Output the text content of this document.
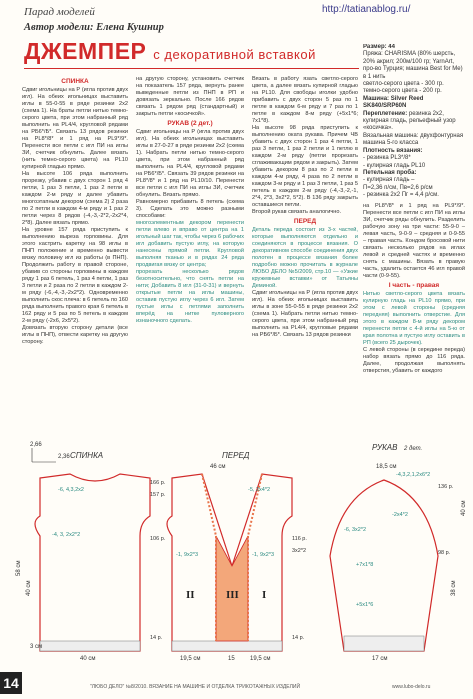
Парад моделей	http://tatianablog.ru/
Автор модели: Елена Кушнир
ДЖЕМПЕР с декоративной вставкой
СПИНКА
Сдвиг игольницы на Р (игла против двух игл). На обеих игольницах выставить иглы в 55-0-55 в ряде резинки 2х2 (схема 1). На браты петли нитью темно-серого цвета, при этом набранный ряд выполнить на РL4/4, кругловой рядами на РБ6*/Б*. Связать 13 рядов резинки на РL8*/8* и 1 ряд на РL9*/9*. Перенести все петли с игл ПИ на иглы ЗИ, счетчик обнулить. Далее вязать (нить темно-серого цвета) на РL10 купирной гладью прямо.
На высоте 106 ряда выполнить прорезку, убавив с двух сторон 1 ряд 4 петли, 1 раз 3 петли, 1 раз 2 петли в каждом 2-м ряду и далее убавить многоэтапным декором (схема 2) 2 раза по 2 петли в каждом 4-м ряду и 1 раз 2 петли через 8 рядов (-4,-3,-2*2,-2х2*4, 2*8). Далее вязать прямо.
На уровне 157 ряда приступить к выполнению выреза горловины. Для этого кастрить каретку на 98 иглы в ПНП положение и временно вывести вязку половину игл из работы (в ПНП). Продолжить работу в правой стороне, убавив со стороны горловины в каждом ряду 1 раз 6 петель, 1 раз 4 петли, 1 раз 3 петли и 2 раза по 2 петли в каждом 2-м ряду (-6,-4,-3,-2х2*2). Одновременно выполнить скос плеча: в 6 петель по 160 ряда выполнить правого края 6 петель в 162 ряду и 5 раз по 5 петель в каждом 2-м ряду (-2х6, 2х5*2).
Довязать вторую сторону детали (все иглы в ПНП), отвести каретку на другую сторону.
на другую сторону, установить счетчик на показатель 157 ряда, вернуть ранее выведенные петли из ПНП в РП и довязать зеркально. После 166 рядов связать 1 рядом ряд (стандартный) и закрыть петли «косичкой».
РУКАВ (2 дет.)
Сдвиг игольницы на Р (игла против двух игл). На обеих игольницах выставить иглы в 27-0-27 в ряде резинки 2х2 (схема 1). Набрать петли нитью темно-серого цвета, при этом набранный ряд выполнить на РL4/4, кругловой рядами на РБ6*/Б*. Связать 39 рядов резинки на РL8*/8* и 1 ряд на РL10/10. Перенести все петли с игл ПИ на иглы ЗИ, счетчик обнулить. Вязать прямо.
Равномерно прибавить 8 петель (схема 3). Сделать это можно разными способами:
многоэлементным декором перенести петли влево и вправо от центра на 1 игольный шаг так, чтобы через 6 рабочих игл добавить пустую иглу, на которую нанесены прямой петли. Кругловой выполняя тканью и в рядах 24 ряда продвигая вязку от центра;
прорезать несколько рядов безотносительно, что снять петли на нити; Добавить 8 игл (31-0-31) и вернуть открытые петли на иглы машины, оставив пустую иглу через 6 игл. Затем пустые иглы с петлями заполнить вперёд на нитке пуловерного изнаночного сделать.
Вязать в работу язать светло-серого цвета, а далее вязать купирной гладью на РL10. Для свободы иголки удобно прибавить с двух сторон 5 раз по 1 петле в каждом 6-м ряду и 7 раз по 1 петле в каждом 8-м ряду (+5х1*6; 7х1*8).
На высоте 98 ряда приступить к выполнению оката рукава. Причем ЧВ убавить с двух сторон 1 раз 4 петли, 1 раз 3 петли, 1 раз 2 петли и 1 петлю в каждом 2-м ряду (петли прорезать сглаживающим рядом и закрыть). Затем убавить декором 8 раз по 2 петли в каждом 4-м ряду, 4 раза по 2 петли в каждом 3-м ряду и 1 раз 3 петли, 1 раз 5 петель в каждом 2-м ряду (-4,-3,-2,-1, 2*4, 2*3, 3х2*2, 5*2). В 136 ряду закрыть оставшиеся петли.
Второй рукав связать аналогично.
ПЕРЕД
Деталь переда состоит из 3-х частей, которые выполняются отдельно и соединяются в процессе вязания. О декоративном способе соединения двух полотен в процессе вязания более подробно можно прочитать в журнале ЛЮБО ДЕЛО №5/2009, стр.10 — «Узкие кружевные вставки» от Татьяны Деминой.
Сдвиг игольницы на Р (игла против двух игл). На обеих игольницах выставить иглы в зоне 55-0-55 в ряде резинки 2х2 (схема 1). Набрать петли нитью темно-серого цвета, при этом набранный ряд выполнить на РL4/4, кругловые рядами на РБ6*/Б*. Связать 13 рядов резинки
Размер: 44
Пряжа: CHARISMA (80% шерсть, 20% акрил; 200м/100 гр; YarnArt, про-во Турция; машина Best for Me) в 1 нить
светло-серого цвета - 300 гр.
темно-серого цвета - 200 гр.
Машина: Silver Reed SK840/SRP60N
Переплетение: резинка 2х2, кулирная гладь, рельефный узор «косичка».
Вязальная машина: двухфонтурная машина 5-го класса
Плотность вязания:
- резинка РL3*/8*
- кулирная гладь РL10
Петельная проба:
- кулирная гладь –
П=2,36 п/см, Пв=2,6 р/см
- резинка 2х2 Пг = 4,4 р/см.
на РL8*/8* и 1 ряд на РL9*/9*. Перенести все петли с игл ПИ на иглы ЗИ, счетчик ряды обнулить. Разделить рабочую зону на три части: 55-9-0 – левая часть, 9-0-9 – средняя и 0-9-55 – правая часть. Кондом бросовой нити связать несколько рядов на иглах левой и средней частях и временно снять с машины. Вязать в правую часть, удалить остается 46 игл правой части (0-9-55).
I часть - правая
Нитью светло-серого цвета вязать кулирную гладь на РL10 прямо, при этом с левой стороны (средняя передняя) выполнить отверстие. Для этого в каждом 8-м ряду декором перенести петли с 4-й иглы на 5-ю от края полотна и пустую иглу оставить в РП (всего 25 дырочек).
С левой стороны (в середине переда) набор вязать прямо до 116 ряда. Далее, продолжая выполнять отверстия, убавить от каждого
2,66
2,36 СПИНКА	ПЕРЕД
РУКАВ 2 дет.
-6, 4,3,2х2
-4, 3, 2х2*2
166 р.
157 р.
106 р.
14 р.
II	III I
-1, 9х2*3	-1, 9х2*3
-5, 2х4*2
116 р.
3х2*2
14 р.
-4,3,2,1,2х6*2
136 р.
98 р.
+7х1*8
+5х1*6
-2х4*2
-6, 3х2*2
58 см
40 см
3 см
38 см
40 см
19,5 см	15	19,5 см
40 см
46 см
17 см
18,5 см
14	"ЛЮБО ДЕЛО" №8/2010. ВЯЗАНИЕ НА МАШИНЕ И ОТДЕЛКА ТРИКОТАЖНЫХ ИЗДЕЛИЙ	www.lubo-delo.ru
